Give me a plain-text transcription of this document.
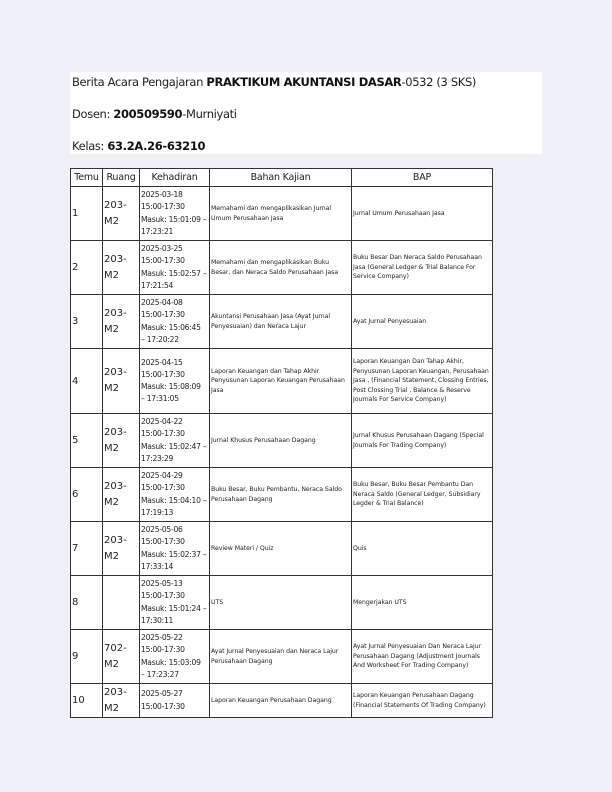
Berita Acara Pengajaran PRAKTIKUM AKUNTANSI DASAR-0532 (3 SKS)
Dosen: 200509590-Murniyati
Kelas: 63.2A.26-63210
Temu	Ruang	Kehadiran	Bahan Kajian	BAP
1	203-M2	2025-03-18
15:00-17:30
Masuk: 15:01:09 –
17:23:21	Memahami dan mengaplikasikan Jurnal Umum Perusahaan Jasa	Jurnal Umum Perusahaan Jasa
2	203-M2	2025-03-25
15:00-17:30
Masuk: 15:02:57 –
17:21:54	Memahami dan mengaplikasikan Buku Besar, dan Neraca Saldo Perusahaan Jasa	Buku Besar Dan Neraca Saldo Perusahaan Jasa (General Ledger & Trial Balance For Service Company)
3	203-M2	2025-04-08
15:00-17:30
Masuk: 15:06:45
– 17:20:22	Akuntansi Perusahaan Jasa (Ayat Jurnal Penyesuaian) dan Neraca Lajur	Ayat Jurnal Penyesuaian
4	203-M2	2025-04-15
15:00-17:30
Masuk: 15:08:09
– 17:31:05	Laporan Keuangan dan Tahap Akhir Penyusunan Laporan Keuangan Perusahaan Jasa	Laporan Keuangan Dan Tahap Akhir, Penyusunan Laporan Keuangan, Perusahaan Jasa , (Financial Statement, Clossing Entries, Post Clossing Trial , Balance & Reserve Journals For Service Company)
5	203-M2	2025-04-22
15:00-17:30
Masuk: 15:02:47 –
17:23:29	Jurnal Khusus Perusahaan Dagang	Jurnal Khusus Perusahaan Dagang (Special Journals For Trading Company)
6	203-M2	2025-04-29
15:00-17:30
Masuk: 15:04:10 –
17:19:13	Buku Besar, Buku Pembantu, Neraca Saldo Perusahaan Dagang	Buku Besar, Buku Besar Pembantu Dan Neraca Saldo (General Ledger, Subsidiary Legder & Trial Balance)
7	203-M2	2025-05-06
15:00-17:30
Masuk: 15:02:37 –
17:33:14	Review Materi / Quiz	Quis
8		2025-05-13
15:00-17:30
Masuk: 15:01:24 –
17:30:11	UTS	Mengerjakan UTS
9	702-M2	2025-05-22
15:00-17:30
Masuk: 15:03:09
– 17:23:27	Ayat Jurnal Penyesuaian dan Neraca Lajur Perusahaan Dagang	Ayat Jurnal Penyesuaian Dan Neraca Lajur Perusahaan Dagang (Adjustment Journals And Worksheet For Trading Company)
10	203-M2	2025-05-27
15:00-17:30	Laporan Keuangan Perusahaan Dagang	Laporan Keuangan Perusahaan Dagang (Financial Statements Of Trading Company)
